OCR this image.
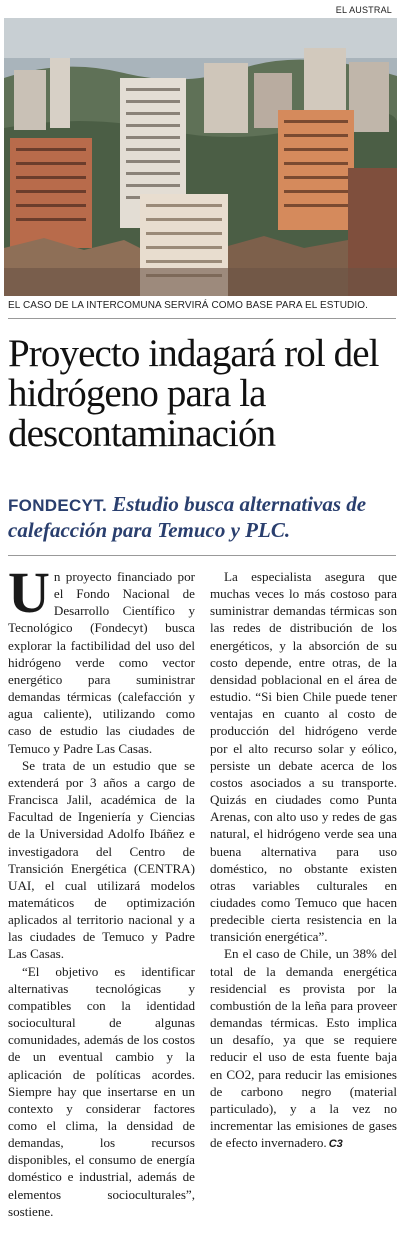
EL AUSTRAL
EL CASO DE LA INTERCOMUNA SERVIRÁ COMO BASE PARA EL ESTUDIO.
Proyecto indagará rol del hidrógeno para la descontaminación
FONDECYT. Estudio busca alternativas de calefacción para Temuco y PLC.

Un proyecto financiado por el Fondo Nacional de Desarrollo Científico y Tecnológico (Fondecyt) busca explorar la factibilidad del uso del hidrógeno verde como vector energético para suministrar demandas térmicas (calefacción y agua caliente), utilizando como caso de estudio las ciudades de Temuco y Padre Las Casas.

Se trata de un estudio que se extenderá por 3 años a cargo de Francisca Jalil, académica de la Facultad de Ingeniería y Ciencias de la Universidad Adolfo Ibáñez e investigadora del Centro de Transición Energética (CENTRA) UAI, el cual utilizará modelos matemáticos de optimización aplicados al territorio nacional y a las ciudades de Temuco y Padre Las Casas.

“El objetivo es identificar alternativas tecnológicas y compatibles con la identidad sociocultural de algunas comunidades, además de los costos de un eventual cambio y la aplicación de políticas acordes. Siempre hay que insertarse en un contexto y considerar factores como el clima, la densidad de demandas, los recursos disponibles, el consumo de energía doméstico e industrial, además de elementos socioculturales”, sostiene.

La especialista asegura que muchas veces lo más costoso para suministrar demandas térmicas son las redes de distribución de los energéticos, y la absorción de su costo depende, entre otras, de la densidad poblacional en el área de estudio. “Si bien Chile puede tener ventajas en cuanto al costo de producción del hidrógeno verde por el alto recurso solar y eólico, persiste un debate acerca de los costos asociados a su transporte. Quizás en ciudades como Punta Arenas, con alto uso y redes de gas natural, el hidrógeno verde sea una buena alternativa para uso doméstico, no obstante existen otras variables culturales en ciudades como Temuco que hacen predecible cierta resistencia en la transición energética”.

En el caso de Chile, un 38% del total de la demanda energética residencial es provista por la combustión de la leña para proveer demandas térmicas. Esto implica un desafío, ya que se requiere reducir el uso de esta fuente baja en CO2, para reducir las emisiones de carbono negro (material particulado), y a la vez no incrementar las emisiones de gases de efecto invernadero. C3
